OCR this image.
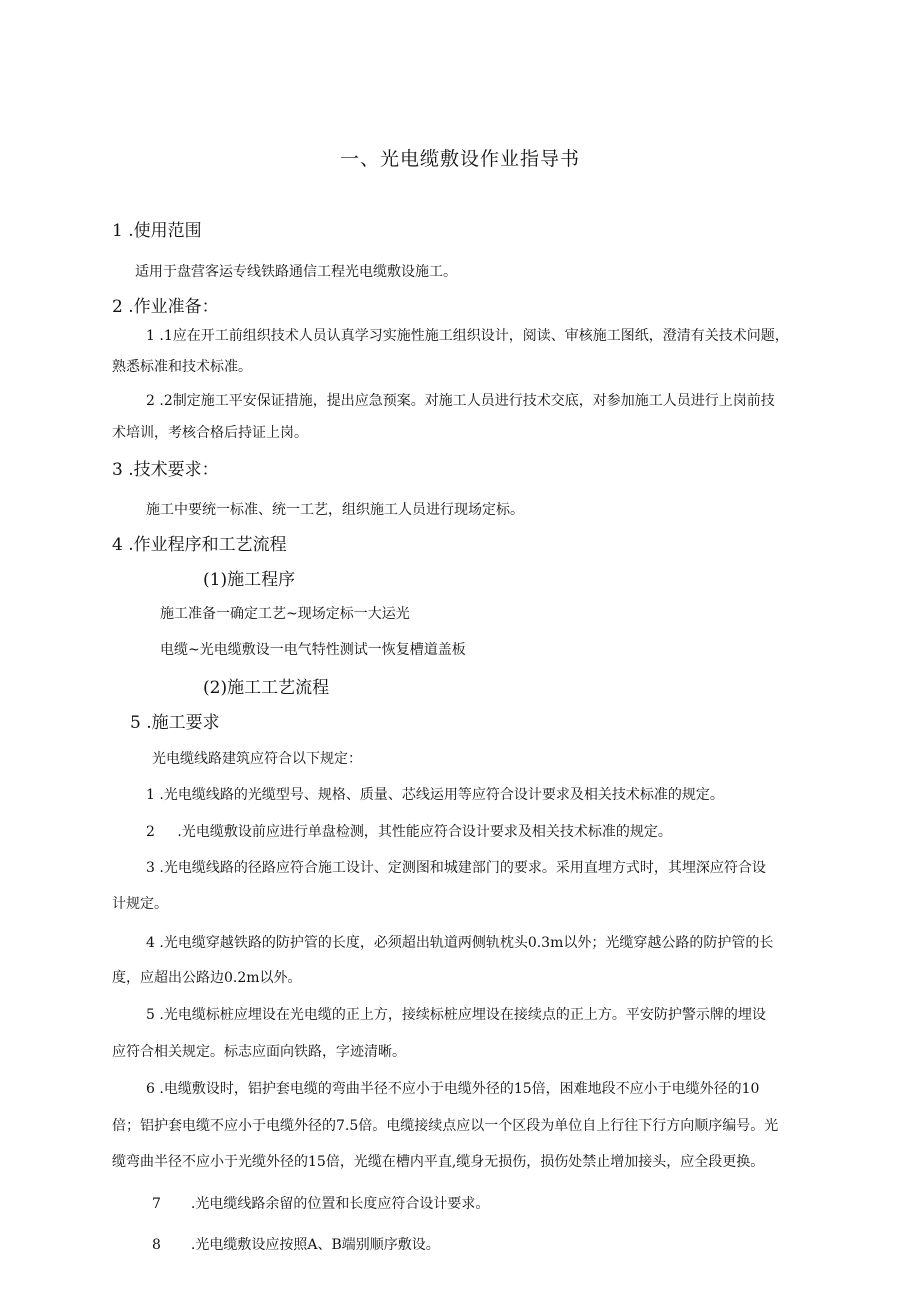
一、光电缆敷设作业指导书
1 .使用范围
适用于盘营客运专线铁路通信工程光电缆敷设施工。
2 .作业准备：
1 .1应在开工前组织技术人员认真学习实施性施工组织设计，阅读、审核施工图纸，澄清有关技术问题，
熟悉标准和技术标准。
2 .2制定施工平安保证措施，提出应急预案。对施工人员进行技术交底，对参加施工人员进行上岗前技
术培训，考核合格后持证上岗。
3 .技术要求：
施工中要统一标准、统一工艺，组织施工人员进行现场定标。
4 .作业程序和工艺流程
(1)施工程序
施工准备一确定工艺~现场定标一大运光
电缆~光电缆敷设一电气特性测试一恢复槽道盖板
(2)施工工艺流程
5 .施工要求
光电缆线路建筑应符合以下规定：
1 .光电缆线路的光缆型号、规格、质量、芯线运用等应符合设计要求及相关技术标准的规定。
2 .光电缆敷设前应进行单盘检测，其性能应符合设计要求及相关技术标准的规定。
3 .光电缆线路的径路应符合施工设计、定测图和城建部门的要求。采用直埋方式时，其埋深应符合设
计规定。
4 .光电缆穿越铁路的防护管的长度，必须超出轨道两侧轨枕头0.3m以外；光缆穿越公路的防护管的长
度，应超出公路边0.2m以外。
5 .光电缆标桩应埋设在光电缆的正上方，接续标桩应埋设在接续点的正上方。平安防护警示牌的埋设
应符合相关规定。标志应面向铁路，字迹清晰。
6 .电缆敷设时，铝护套电缆的弯曲半径不应小于电缆外径的15倍，困难地段不应小于电缆外径的10
倍；铝护套电缆不应小于电缆外径的7.5倍。电缆接续点应以一个区段为单位自上行往下行方向顺序编号。光
缆弯曲半径不应小于光缆外径的15倍，光缆在槽内平直,缆身无损伤，损伤处禁止增加接头，应全段更换。
7 .光电缆线路余留的位置和长度应符合设计要求。
8 .光电缆敷设应按照A、B端别顺序敷设。
